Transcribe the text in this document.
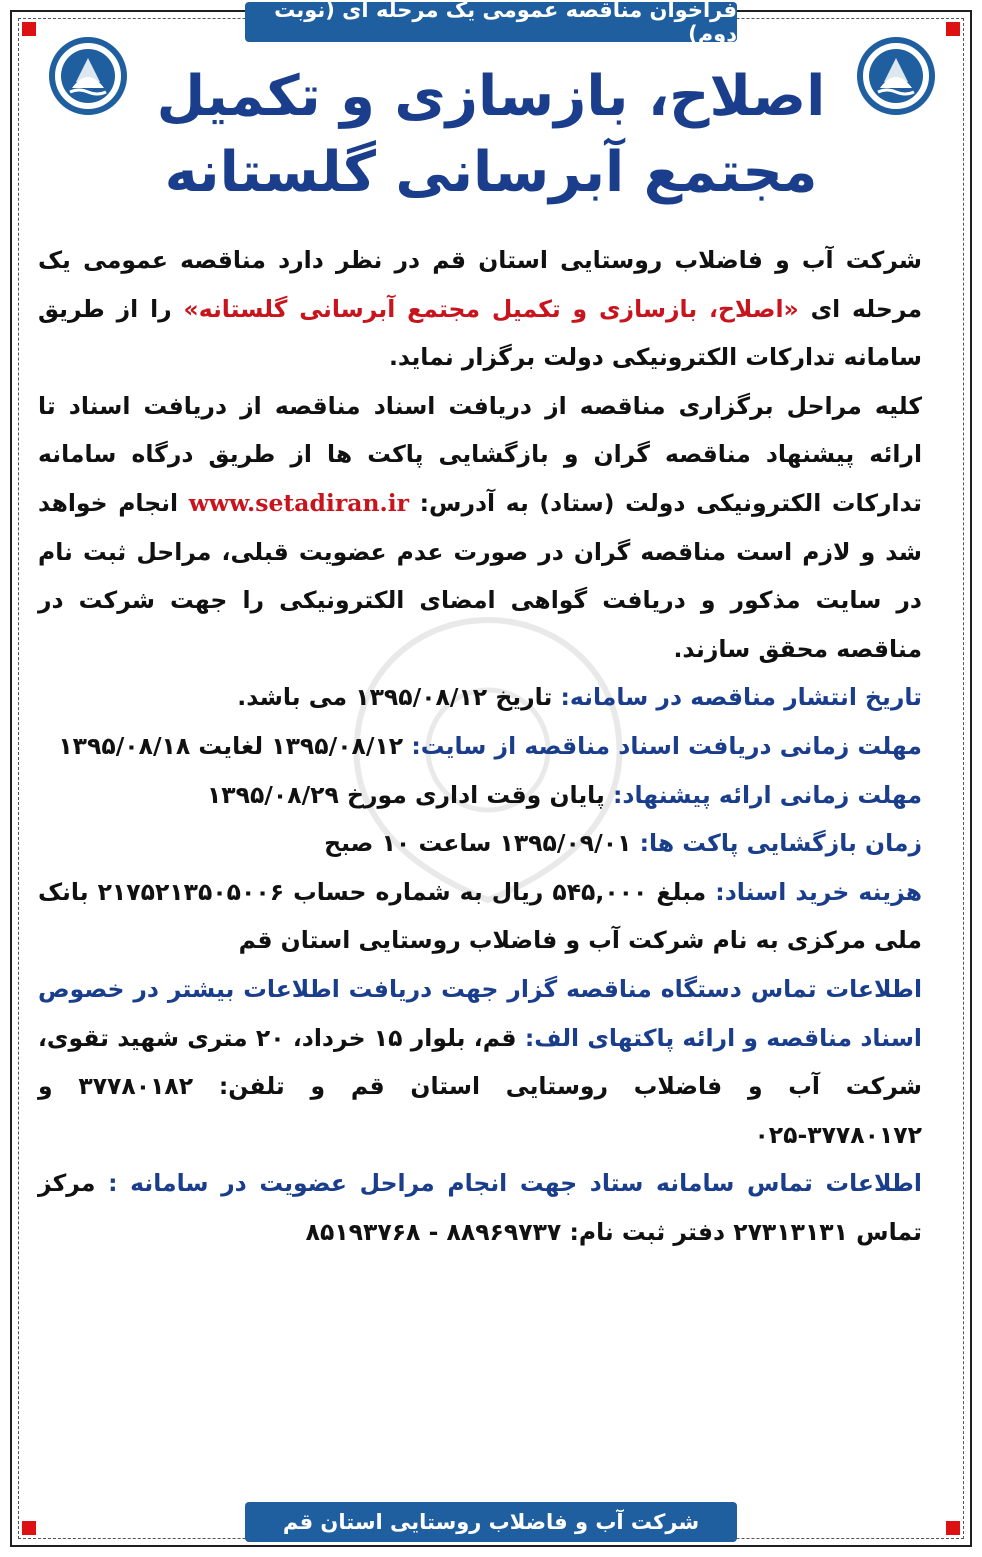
فراخوان مناقصه عمومی یک مرحله ای (نوبت دوم)
اصلاح، بازسازی و تکمیل
مجتمع آبرسانی گلستانه

شرکت آب و فاضلاب روستایی استان قم در نظر دارد مناقصه عمومی یک مرحله ای «اصلاح، بازسازی و تکمیل مجتمع آبرسانی گلستانه» را از طریق سامانه تدارکات الکترونیکی دولت برگزار نماید.

کلیه مراحل برگزاری مناقصه از دریافت اسناد مناقصه از دریافت اسناد تا ارائه پیشنهاد مناقصه گران و بازگشایی پاکت ها از طریق درگاه سامانه تدارکات الکترونیکی دولت (ستاد) به آدرس: www.setadiran.ir انجام خواهد شد و لازم است مناقصه گران در صورت عدم عضویت قبلی، مراحل ثبت نام در سایت مذکور و دریافت گواهی امضای الکترونیکی را جهت شرکت در مناقصه محقق سازند.

تاریخ انتشار مناقصه در سامانه: تاریخ ۱۳۹۵/۰۸/۱۲ می باشد.

مهلت زمانی دریافت اسناد مناقصه از سایت: ۱۳۹۵/۰۸/۱۲ لغایت ۱۳۹۵/۰۸/۱۸

مهلت زمانی ارائه پیشنهاد: پایان وقت اداری مورخ ۱۳۹۵/۰۸/۲۹

زمان بازگشایی پاکت ها: ۱۳۹۵/۰۹/۰۱ ساعت ۱۰ صبح

هزینه خرید اسناد: مبلغ ۵۴۵,۰۰۰ ریال به شماره حساب ۲۱۷۵۲۱۳۵۰۵۰۰۶ بانک ملی مرکزی به نام شرکت آب و فاضلاب روستایی استان قم

اطلاعات تماس دستگاه مناقصه گزار جهت دریافت اطلاعات بیشتر در خصوص اسناد مناقصه و ارائه پاکتهای الف: قم، بلوار ۱۵ خرداد، ۲۰ متری شهید تقوی، شرکت آب و فاضلاب روستایی استان قم و تلفن: ۳۷۷۸۰۱۸۲ و ۳۷۷۸۰۱۷۲-۰۲۵

اطلاعات تماس سامانه ستاد جهت انجام مراحل عضویت در سامانه : مرکز تماس ۲۷۳۱۳۱۳۱ دفتر ثبت نام: ۸۸۹۶۹۷۳۷ - ۸۵۱۹۳۷۶۸

شرکت آب و فاضلاب روستایی استان قم
